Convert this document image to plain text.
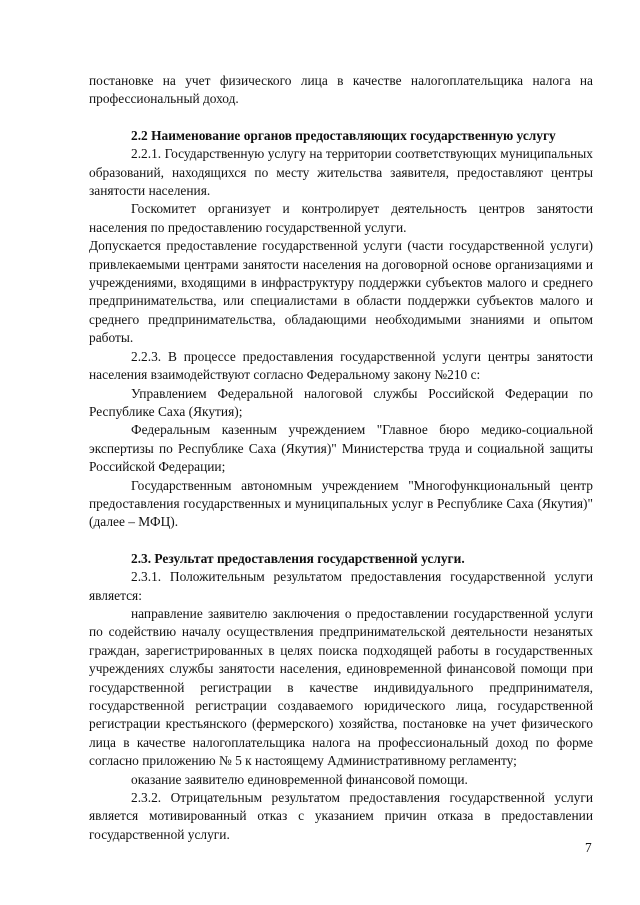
постановке на учет физического лица в качестве налогоплательщика налога на профессиональный доход.

2.2 Наименование органов предоставляющих государственную услугу

2.2.1. Государственную услугу на территории соответствующих муниципальных образований, находящихся по месту жительства заявителя, предоставляют центры занятости населения.

Госкомитет организует и контролирует деятельность центров занятости населения по предоставлению государственной услуги.

Допускается предоставление государственной услуги (части государственной услуги) привлекаемыми центрами занятости населения на договорной основе организациями и учреждениями, входящими в инфраструктуру поддержки субъектов малого и среднего предпринимательства, или специалистами в области поддержки субъектов малого и среднего предпринимательства, обладающими необходимыми знаниями и опытом работы.

2.2.3. В процессе предоставления государственной услуги центры занятости населения взаимодействуют согласно Федеральному закону №210 с:

Управлением Федеральной налоговой службы Российской Федерации по Республике Саха (Якутия);

Федеральным казенным учреждением "Главное бюро медико-социальной экспертизы по Республике Саха (Якутия)" Министерства труда и социальной защиты Российской Федерации;

Государственным автономным учреждением "Многофункциональный центр предоставления государственных и муниципальных услуг в Республике Саха (Якутия)" (далее – МФЦ).

2.3. Результат предоставления государственной услуги.

2.3.1. Положительным результатом предоставления государственной услуги является:

направление заявителю заключения о предоставлении государственной услуги по содействию началу осуществления предпринимательской деятельности незанятых граждан, зарегистрированных в целях поиска подходящей работы в государственных учреждениях службы занятости населения, единовременной финансовой помощи при государственной регистрации в качестве индивидуального предпринимателя, государственной регистрации создаваемого юридического лица, государственной регистрации крестьянского (фермерского) хозяйства, постановке на учет физического лица в качестве налогоплательщика налога на профессиональный доход по форме согласно приложению № 5 к настоящему Административному регламенту;

оказание заявителю единовременной финансовой помощи.

2.3.2. Отрицательным результатом предоставления государственной услуги является мотивированный отказ с указанием причин отказа в предоставлении государственной услуги.

7
